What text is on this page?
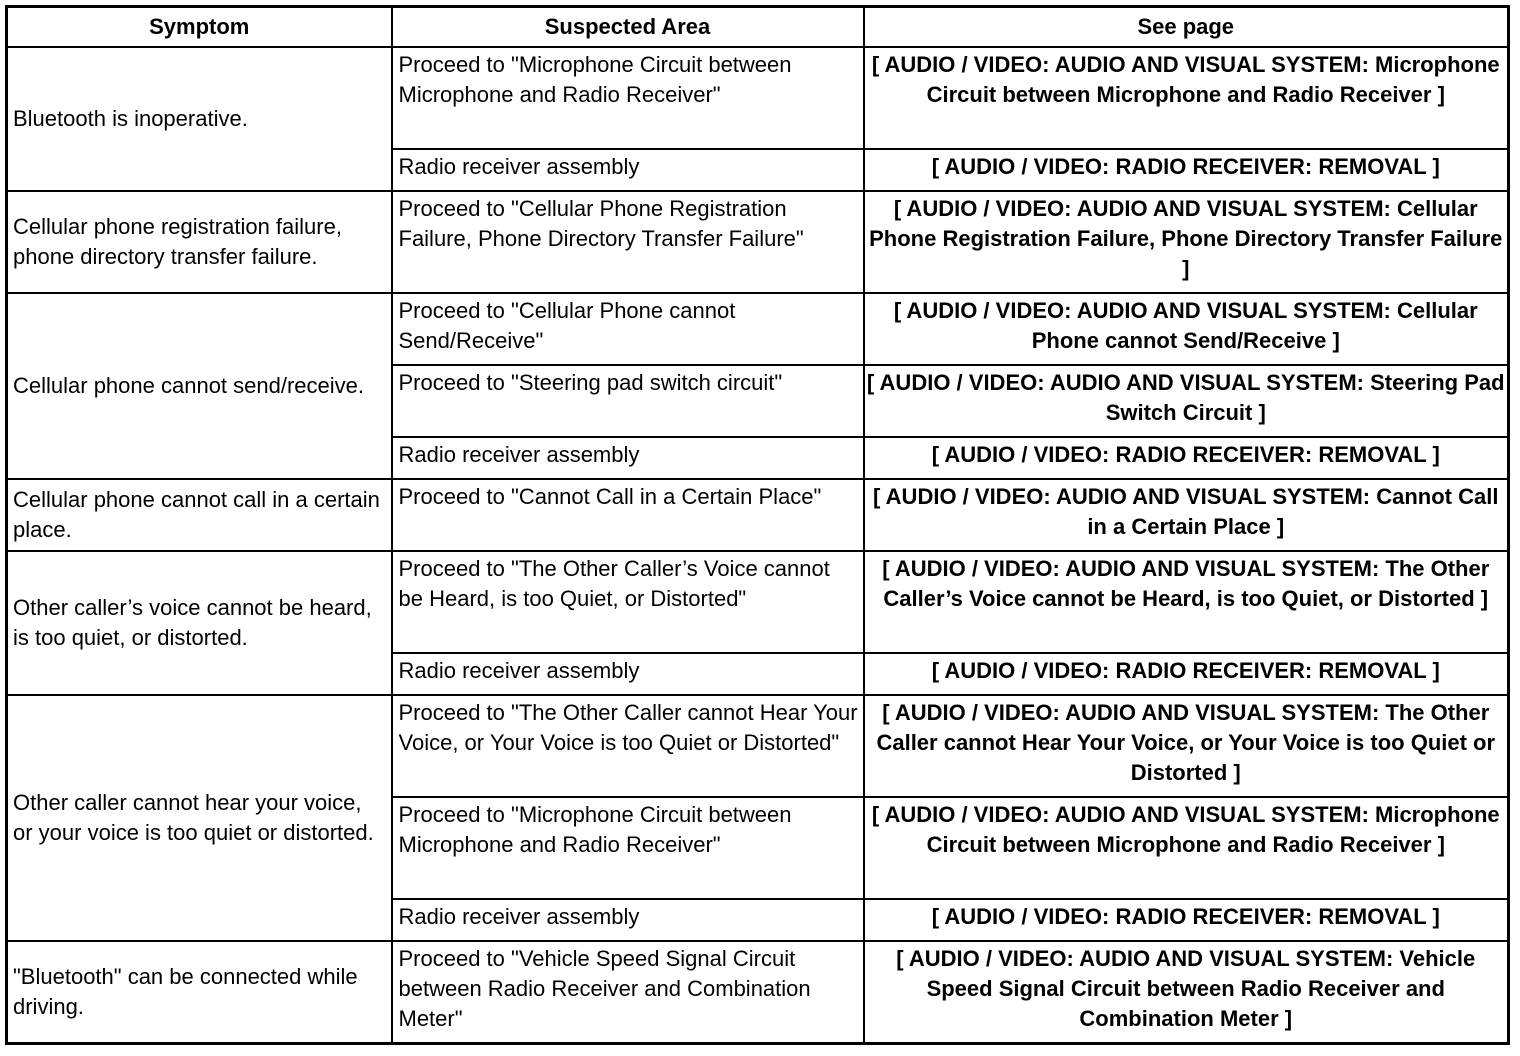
Symptom	Suspected Area	See page
Bluetooth is inoperative.	Proceed to "Microphone Circuit between Microphone and Radio Receiver"	[ AUDIO / VIDEO: AUDIO AND VISUAL SYSTEM: Microphone Circuit between Microphone and Radio Receiver ]
	Radio receiver assembly	[ AUDIO / VIDEO: RADIO RECEIVER: REMOVAL ]
Cellular phone registration failure, phone directory transfer failure.	Proceed to "Cellular Phone Registration Failure, Phone Directory Transfer Failure"	[ AUDIO / VIDEO: AUDIO AND VISUAL SYSTEM: Cellular Phone Registration Failure, Phone Directory Transfer Failure ]
Cellular phone cannot send/receive.	Proceed to "Cellular Phone cannot Send/Receive"	[ AUDIO / VIDEO: AUDIO AND VISUAL SYSTEM: Cellular Phone cannot Send/Receive ]
	Proceed to "Steering pad switch circuit"	[ AUDIO / VIDEO: AUDIO AND VISUAL SYSTEM: Steering Pad Switch Circuit ]
	Radio receiver assembly	[ AUDIO / VIDEO: RADIO RECEIVER: REMOVAL ]
Cellular phone cannot call in a certain place.	Proceed to "Cannot Call in a Certain Place"	[ AUDIO / VIDEO: AUDIO AND VISUAL SYSTEM: Cannot Call in a Certain Place ]
Other caller’s voice cannot be heard, is too quiet, or distorted.	Proceed to "The Other Caller’s Voice cannot be Heard, is too Quiet, or Distorted"	[ AUDIO / VIDEO: AUDIO AND VISUAL SYSTEM: The Other Caller’s Voice cannot be Heard, is too Quiet, or Distorted ]
	Radio receiver assembly	[ AUDIO / VIDEO: RADIO RECEIVER: REMOVAL ]
Other caller cannot hear your voice, or your voice is too quiet or distorted.	Proceed to "The Other Caller cannot Hear Your Voice, or Your Voice is too Quiet or Distorted"	[ AUDIO / VIDEO: AUDIO AND VISUAL SYSTEM: The Other Caller cannot Hear Your Voice, or Your Voice is too Quiet or Distorted ]
	Proceed to "Microphone Circuit between Microphone and Radio Receiver"	[ AUDIO / VIDEO: AUDIO AND VISUAL SYSTEM: Microphone Circuit between Microphone and Radio Receiver ]
	Radio receiver assembly	[ AUDIO / VIDEO: RADIO RECEIVER: REMOVAL ]
"Bluetooth" can be connected while driving.	Proceed to "Vehicle Speed Signal Circuit between Radio Receiver and Combination Meter"	[ AUDIO / VIDEO: AUDIO AND VISUAL SYSTEM: Vehicle Speed Signal Circuit between Radio Receiver and Combination Meter ]
